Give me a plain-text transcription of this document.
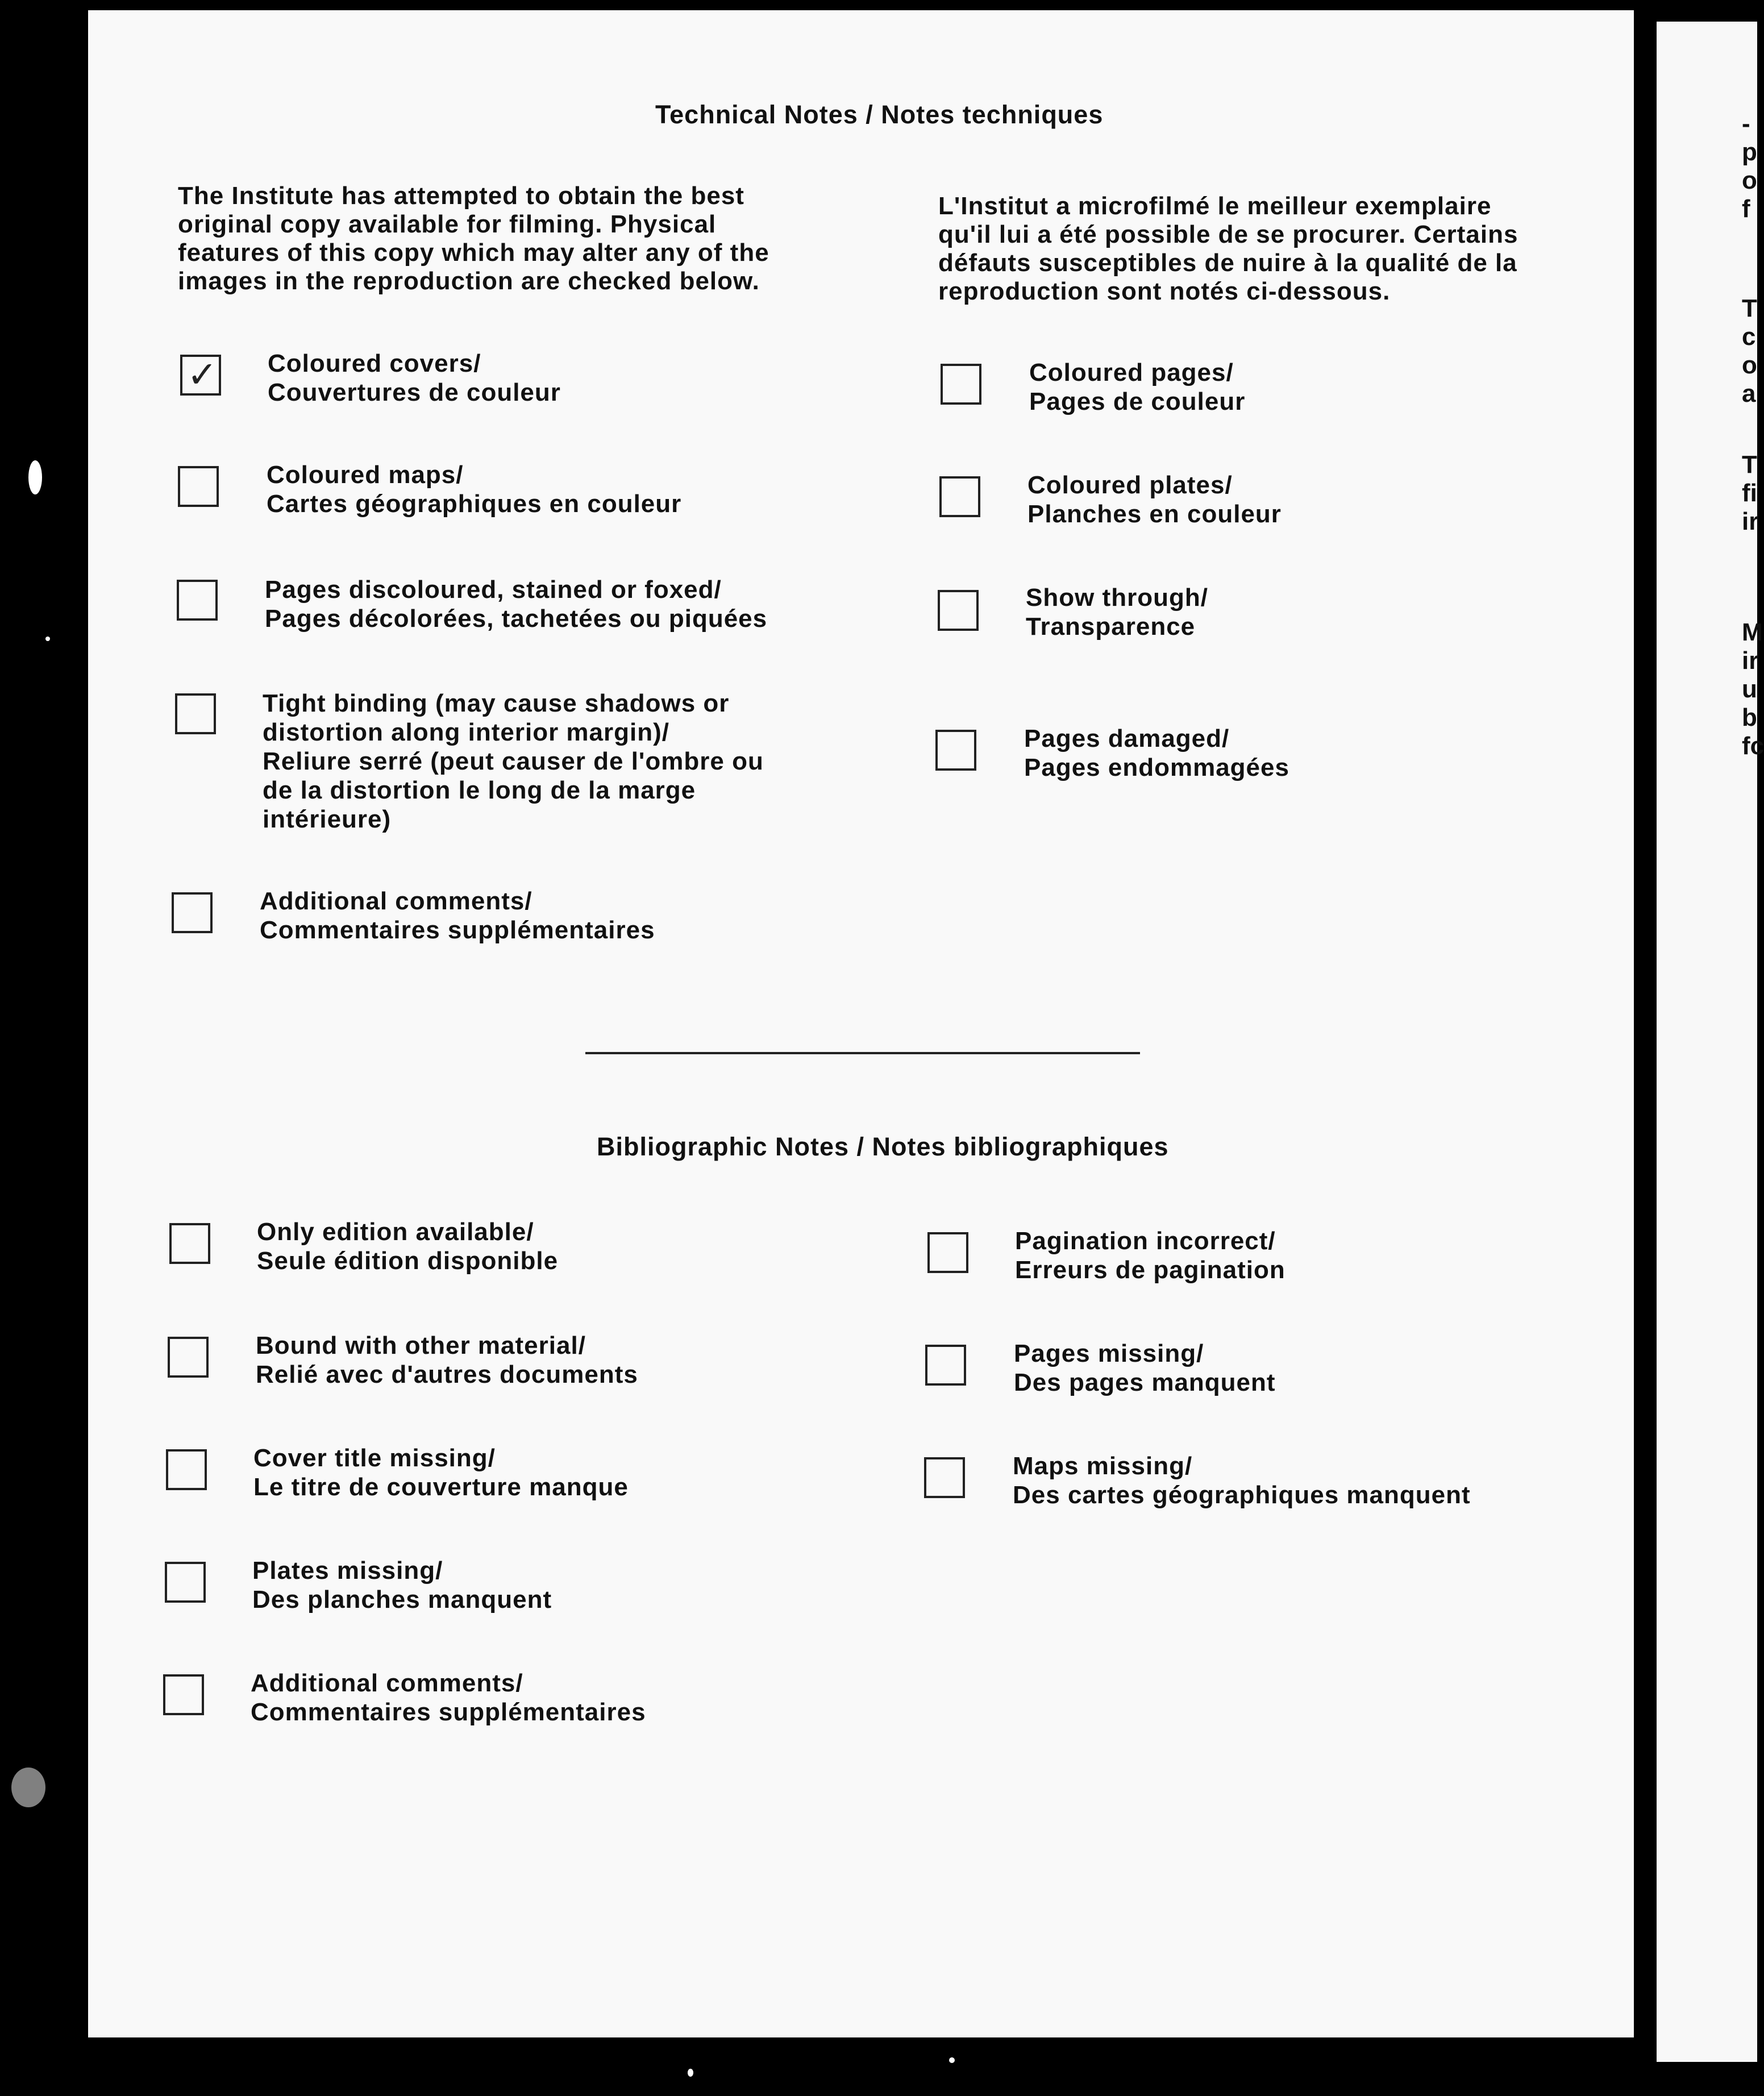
-
p
o
f
T
c
o
a
T
fi
ir
M
ir
u
b
fc
Technical Notes / Notes techniques
The Institute has attempted to obtain the best
original copy available for filming. Physical
features of this copy which may alter any of the
images in the reproduction are checked below.
L'Institut a microfilmé le meilleur exemplaire
qu'il lui a été possible de se procurer. Certains
défauts susceptibles de nuire à la qualité de la
reproduction sont notés ci-dessous.
✓ Coloured covers/
Couvertures de couleur
Coloured maps/
Cartes géographiques en couleur
Pages discoloured, stained or foxed/
Pages décolorées, tachetées ou piquées
Tight binding (may cause shadows or
distortion along interior margin)/
Reliure serré (peut causer de l'ombre ou
de la distortion le long de la marge
intérieure)
Additional comments/
Commentaires supplémentaires
Coloured pages/
Pages de couleur
Coloured plates/
Planches en couleur
Show through/
Transparence
Pages damaged/
Pages endommagées
Bibliographic Notes / Notes bibliographiques
Only edition available/
Seule édition disponible
Bound with other material/
Relié avec d'autres documents
Cover title missing/
Le titre de couverture manque
Plates missing/
Des planches manquent
Additional comments/
Commentaires supplémentaires
Pagination incorrect/
Erreurs de pagination
Pages missing/
Des pages manquent
Maps missing/
Des cartes géographiques manquent
